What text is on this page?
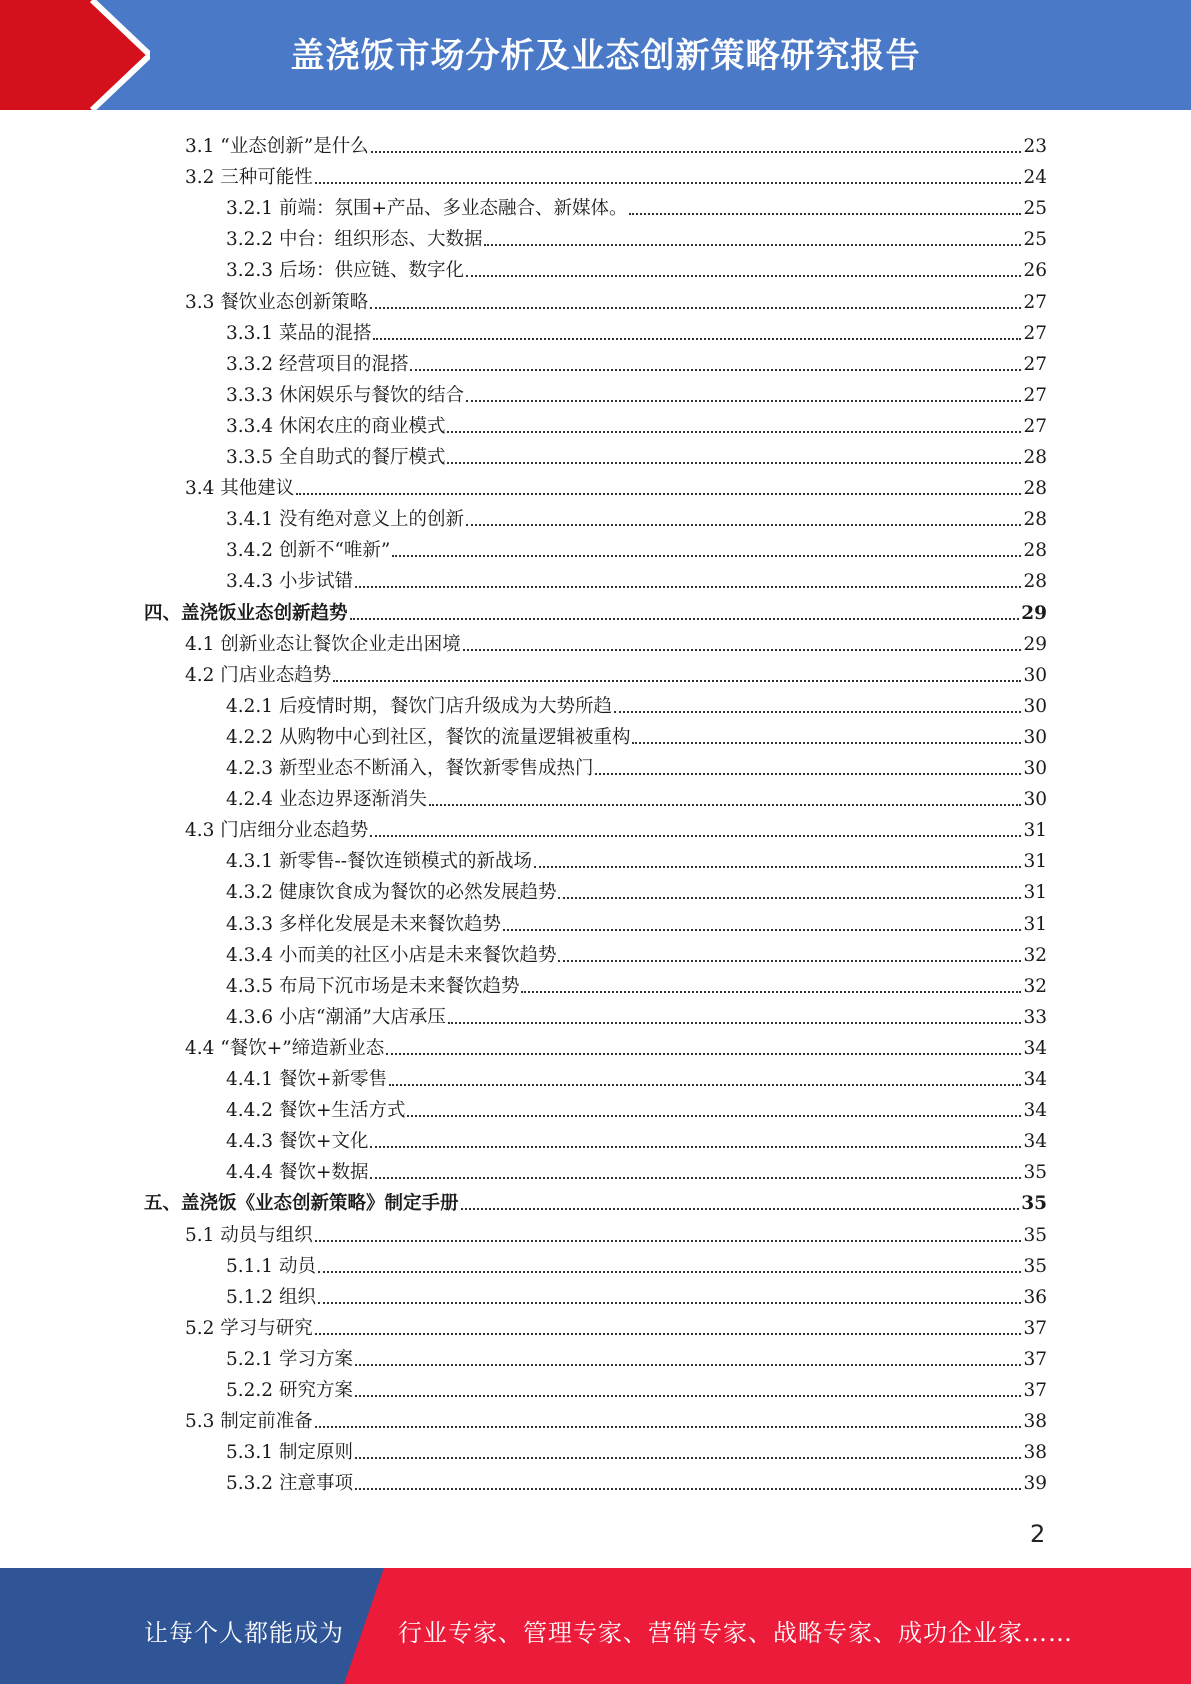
盖浇饭市场分析及业态创新策略研究报告
3.1 “业态创新”是什么	23
3.2 三种可能性	24
3.2.1 前端：氛围+产品、多业态融合、新媒体。	25
3.2.2 中台：组织形态、大数据	25
3.2.3 后场：供应链、数字化	26
3.3 餐饮业态创新策略	27
3.3.1 菜品的混搭	27
3.3.2 经营项目的混搭	27
3.3.3 休闲娱乐与餐饮的结合	27
3.3.4 休闲农庄的商业模式	27
3.3.5 全自助式的餐厅模式	28
3.4 其他建议	28
3.4.1 没有绝对意义上的创新	28
3.4.2 创新不“唯新”	28
3.4.3 小步试错	28
四、盖浇饭业态创新趋势	29
4.1 创新业态让餐饮企业走出困境	29
4.2 门店业态趋势	30
4.2.1 后疫情时期，餐饮门店升级成为大势所趋	30
4.2.2 从购物中心到社区，餐饮的流量逻辑被重构	30
4.2.3 新型业态不断涌入，餐饮新零售成热门	30
4.2.4 业态边界逐渐消失	30
4.3 门店细分业态趋势	31
4.3.1 新零售--餐饮连锁模式的新战场	31
4.3.2 健康饮食成为餐饮的必然发展趋势	31
4.3.3 多样化发展是未来餐饮趋势	31
4.3.4 小而美的社区小店是未来餐饮趋势	32
4.3.5 布局下沉市场是未来餐饮趋势	32
4.3.6 小店“潮涌”大店承压	33
4.4 “餐饮+”缔造新业态	34
4.4.1 餐饮+新零售	34
4.4.2 餐饮+生活方式	34
4.4.3 餐饮+文化	34
4.4.4 餐饮+数据	35
五、盖浇饭《业态创新策略》制定手册	35
5.1 动员与组织	35
5.1.1 动员	35
5.1.2 组织	36
5.2 学习与研究	37
5.2.1 学习方案	37
5.2.2 研究方案	37
5.3 制定前准备	38
5.3.1 制定原则	38
5.3.2 注意事项	39
2
让每个人都能成为 行业专家、管理专家、营销专家、战略专家、成功企业家……
